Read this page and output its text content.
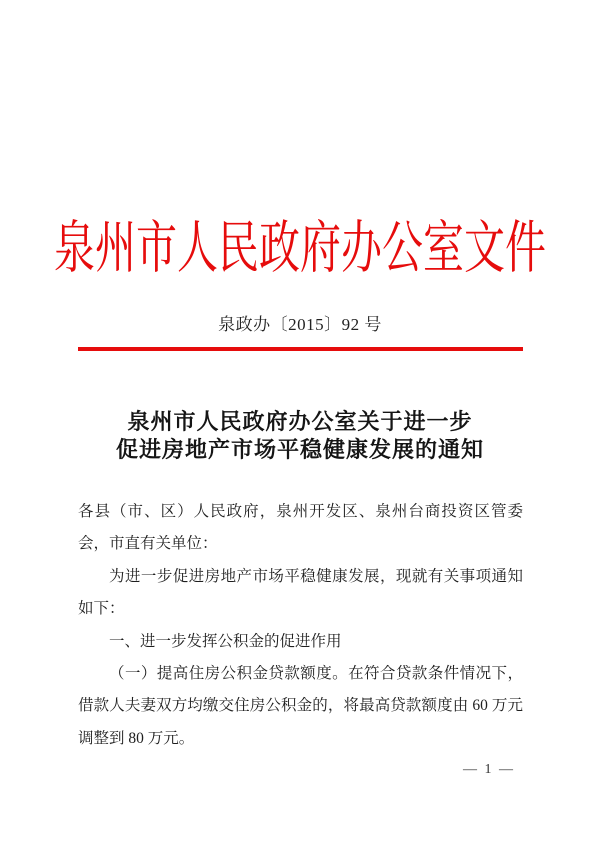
泉州市人民政府办公室文件
泉政办〔2015〕92 号
泉州市人民政府办公室关于进一步
促进房地产市场平稳健康发展的通知

各县（市、区）人民政府，泉州开发区、泉州台商投资区管委会，市直有关单位：

为进一步促进房地产市场平稳健康发展，现就有关事项通知如下：

一、进一步发挥公积金的促进作用

（一）提高住房公积金贷款额度。在符合贷款条件情况下，借款人夫妻双方均缴交住房公积金的，将最高贷款额度由 60 万元调整到 80 万元。

— 1 —
